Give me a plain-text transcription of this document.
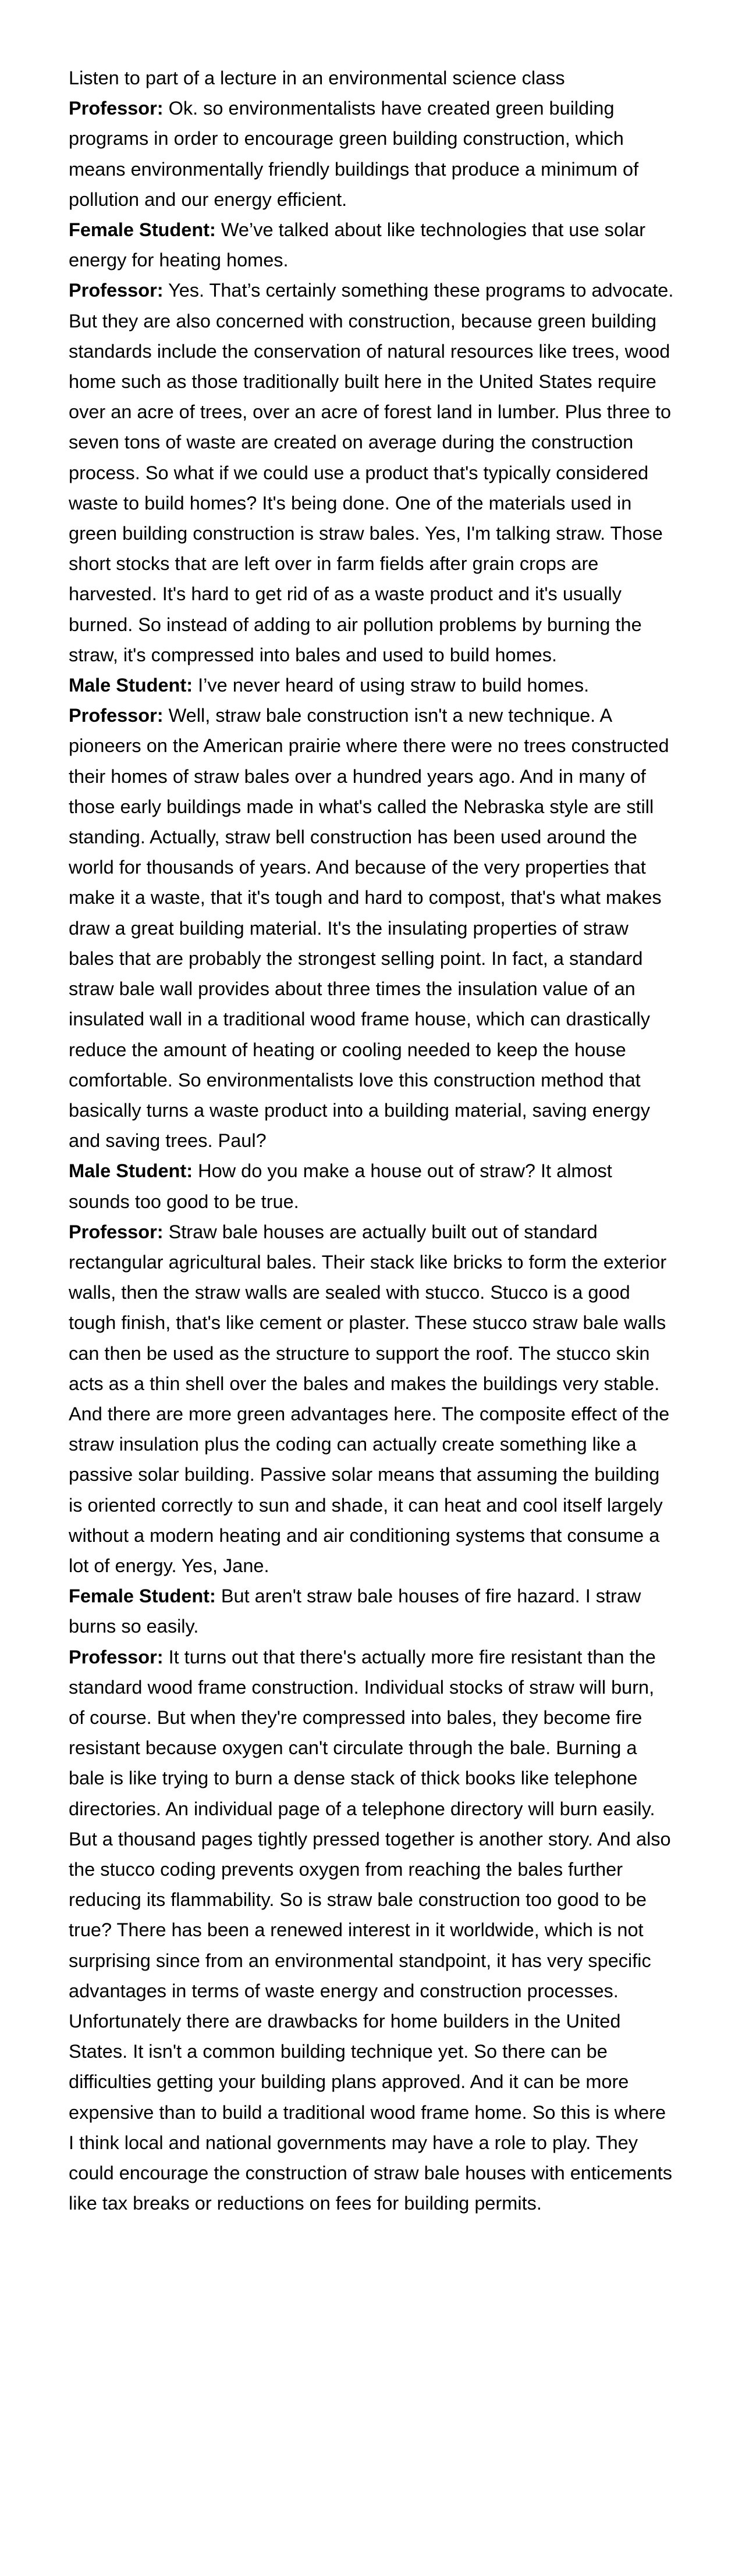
Listen to part of a lecture in an environmental science class

Professor: Ok. so environmentalists have created green building programs in order to encourage green building construction, which means environmentally friendly buildings that produce a minimum of pollution and our energy efficient.

Female Student: We’ve talked about like technologies that use solar energy for heating homes.

Professor: Yes. That’s certainly something these programs to advocate. But they are also concerned with construction, because green building standards include the conservation of natural resources like trees, wood home such as those traditionally built here in the United States require over an acre of trees, over an acre of forest land in lumber. Plus three to seven tons of waste are created on average during the construction process. So what if we could use a product that's typically considered waste to build homes? It's being done. One of the materials used in green building construction is straw bales. Yes, I'm talking straw. Those short stocks that are left over in farm fields after grain crops are harvested. It's hard to get rid of as a waste product and it's usually burned. So instead of adding to air pollution problems by burning the straw, it's compressed into bales and used to build homes.

Male Student: I’ve never heard of using straw to build homes.

Professor: Well, straw bale construction isn't a new technique. A pioneers on the American prairie where there were no trees constructed their homes of straw bales over a hundred years ago. And in many of those early buildings made in what's called the Nebraska style are still standing. Actually, straw bell construction has been used around the world for thousands of years. And because of the very properties that make it a waste, that it's tough and hard to compost, that's what makes draw a great building material. It's the insulating properties of straw bales that are probably the strongest selling point. In fact, a standard straw bale wall provides about three times the insulation value of an insulated wall in a traditional wood frame house, which can drastically reduce the amount of heating or cooling needed to keep the house comfortable. So environmentalists love this construction method that basically turns a waste product into a building material, saving energy and saving trees. Paul?

Male Student: How do you make a house out of straw? It almost sounds too good to be true.

Professor: Straw bale houses are actually built out of standard rectangular agricultural bales. Their stack like bricks to form the exterior walls, then the straw walls are sealed with stucco. Stucco is a good tough finish, that's like cement or plaster. These stucco straw bale walls can then be used as the structure to support the roof. The stucco skin acts as a thin shell over the bales and makes the buildings very stable.

And there are more green advantages here. The composite effect of the straw insulation plus the coding can actually create something like a passive solar building. Passive solar means that assuming the building is oriented correctly to sun and shade, it can heat and cool itself largely without a modern heating and air conditioning systems that consume a lot of energy. Yes, Jane.

Female Student: But aren't straw bale houses of fire hazard. I straw burns so easily.

Professor: It turns out that there's actually more fire resistant than the standard wood frame construction. Individual stocks of straw will burn, of course. But when they're compressed into bales, they become fire resistant because oxygen can't circulate through the bale. Burning a bale is like trying to burn a dense stack of thick books like telephone directories. An individual page of a telephone directory will burn easily. But a thousand pages tightly pressed together is another story. And also the stucco coding prevents oxygen from reaching the bales further reducing its flammability. So is straw bale construction too good to be true? There has been a renewed interest in it worldwide, which is not surprising since from an environmental standpoint, it has very specific advantages in terms of waste energy and construction processes. Unfortunately there are drawbacks for home builders in the United States. It isn't a common building technique yet. So there can be difficulties getting your building plans approved. And it can be more expensive than to build a traditional wood frame home. So this is where I think local and national governments may have a role to play. They could encourage the construction of straw bale houses with enticements like tax breaks or reductions on fees for building permits.
